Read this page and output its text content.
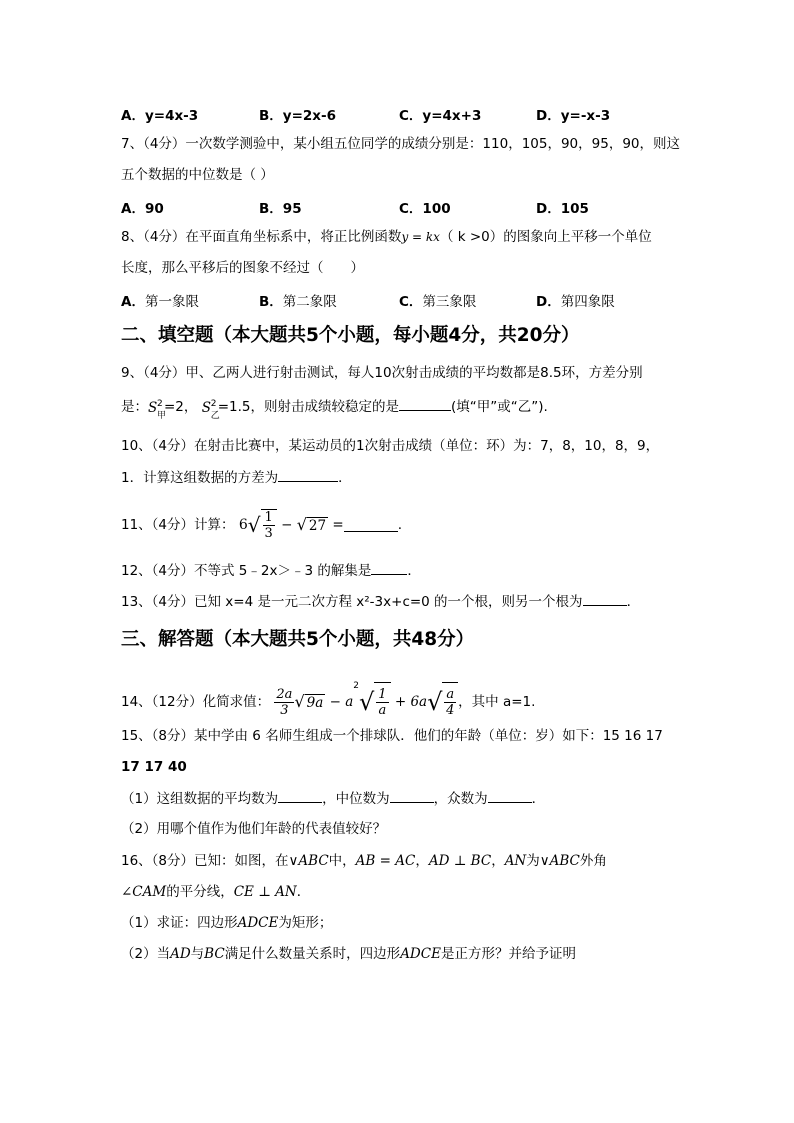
A．y=4x-3	B．y=2x-6	C．y=4x+3	D．y=-x-3
7、（4分）一次数学测验中，某小组五位同学的成绩分别是：110，105，90，95，90，则这
五个数据的中位数是（ ）
A．90	B．95	C．100	D．105
8、（4分）在平面直角坐标系中，将正比例函数y = kx（ k >0）的图象向上平移一个单位
长度，那么平移后的图象不经过（　　）
A．第一象限	B．第二象限	C．第三象限	D．第四象限
二、填空题（本大题共5个小题，每小题4分，共20分）
9、（4分）甲、乙两人进行射击测试，每人10次射击成绩的平均数都是8.5环，方差分别
是： S 2
甲
=2， S 2
乙
=1.5，则射击成绩较稳定的是	(填“甲”或“乙”).
10、（4分）在射击比赛中，某运动员的1次射击成绩（单位：环）为：7，8，10，8，9，
1．计算这组数据的方差为	．
11、（4分）计算： $6√ \frac{1}{3}$ − √ 27 =	.
12、（4分）不等式 5﹣2x＞﹣3 的解集是	．
13、（4分）已知 x=4 是一元二次方程 x²-3x+c=0 的一个根，则另一个根为	．
三、解答题（本大题共5个小题，共48分）
14、（12分）化简求值： $\frac{2a}{3}$ √ $9a - a^2√ \frac{1}{a} + 6a√ \frac{a}{4}$ ，其中 a=1.
15、（8分）某中学由 6 名师生组成一个排球队．他们的年龄（单位：岁）如下：15 16 17
17 17 40
（1）这组数据的平均数为	，中位数为	，众数为	．
（2）用哪个值作为他们年龄的代表值较好？
16、（8分）已知：如图，在∨ABC中，AB = AC，AD ⊥ BC，AN为∨ABC外角
∠CAM的平分线，CE ⊥ AN．
（1）求证：四边形ADCE为矩形；
（2）当AD与BC满足什么数量关系时，四边形ADCE是正方形？并给予证明
